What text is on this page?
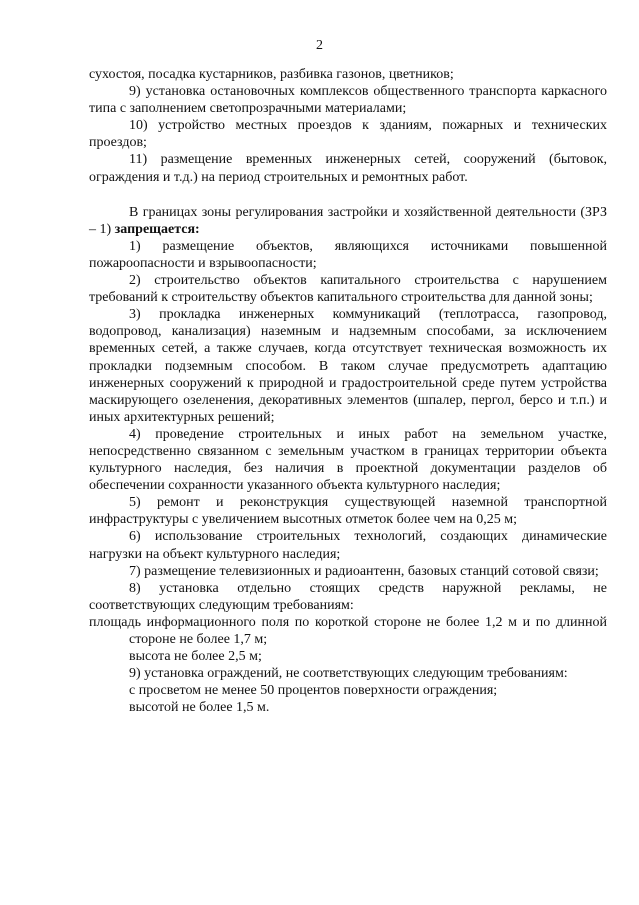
2

сухостоя, посадка кустарников, разбивка газонов, цветников;

9) установка остановочных комплексов общественного транспорта каркасного типа с заполнением светопрозрачными материалами;

10) устройство местных проездов к зданиям, пожарных и технических проездов;

11) размещение временных инженерных сетей, сооружений (бытовок, ограждения и т.д.) на период строительных и ремонтных работ.

В границах зоны регулирования застройки и хозяйственной деятельности (ЗРЗ – 1) запрещается:

1) размещение объектов, являющихся источниками повышенной пожароопасности и взрывоопасности;

2) строительство объектов капитального строительства с нарушением требований к строительству объектов капитального строительства для данной зоны;

3) прокладка инженерных коммуникаций (теплотрасса, газопровод, водопровод, канализация) наземным и надземным способами, за исключением временных сетей, а также случаев, когда отсутствует техническая возможность их прокладки подземным способом. В таком случае предусмотреть адаптацию инженерных сооружений к природной и градостроительной среде путем устройства маскирующего озеленения, декоративных элементов (шпалер, пергол, берсо и т.п.) и иных архитектурных решений;

4) проведение строительных и иных работ на земельном участке, непосредственно связанном с земельным участком в границах территории объекта культурного наследия, без наличия в проектной документации разделов об обеспечении сохранности указанного объекта культурного наследия;

5) ремонт и реконструкция существующей наземной транспортной инфраструктуры с увеличением высотных отметок более чем на 0,25 м;

6) использование строительных технологий, создающих динамические нагрузки на объект культурного наследия;

7) размещение телевизионных и радиоантенн, базовых станций сотовой связи;

8) установка отдельно стоящих средств наружной рекламы, не соответствующих следующим требованиям:

площадь информационного поля по короткой стороне не более 1,2 м и по длинной стороне не более 1,7 м;

высота не более 2,5 м;

9) установка ограждений, не соответствующих следующим требованиям:

с просветом не менее 50 процентов поверхности ограждения;

высотой не более 1,5 м.
